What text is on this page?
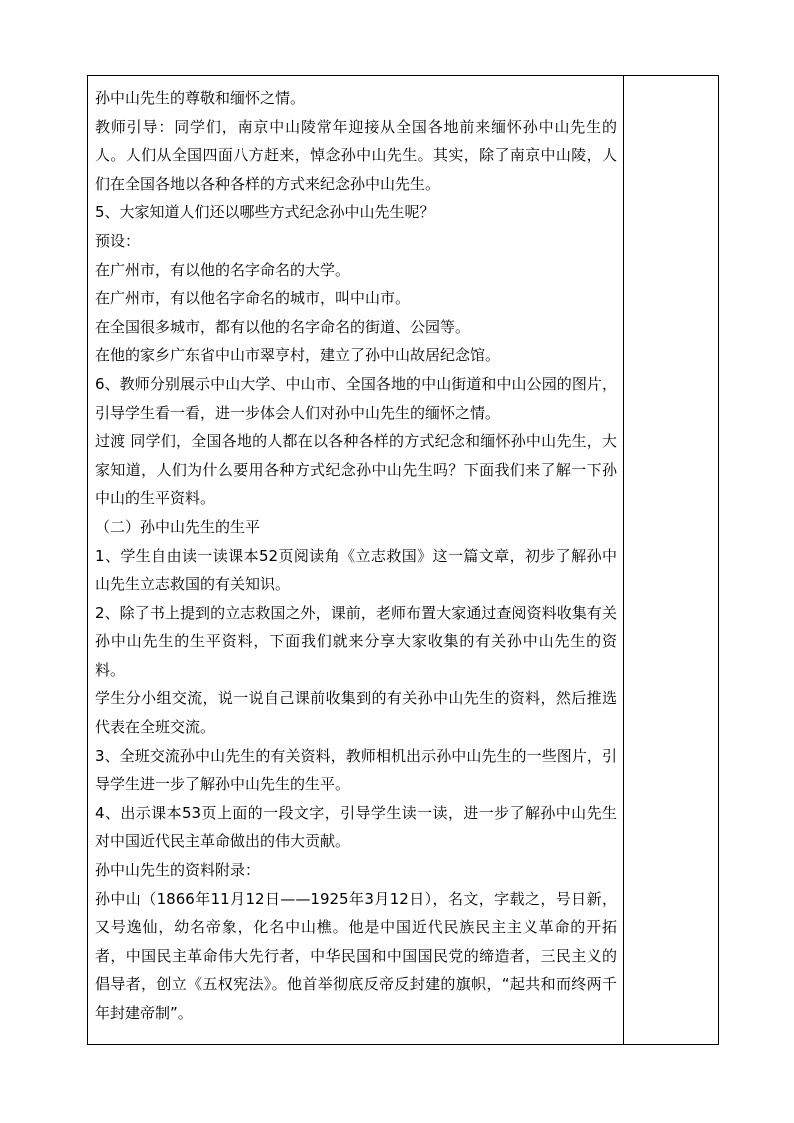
孙中山先生的尊敬和缅怀之情。

教师引导：同学们，南京中山陵常年迎接从全国各地前来缅怀孙中山先生的人。人们从全国四面八方赶来，悼念孙中山先生。其实，除了南京中山陵，人们在全国各地以各种各样的方式来纪念孙中山先生。

5、大家知道人们还以哪些方式纪念孙中山先生呢？

预设：

在广州市，有以他的名字命名的大学。

在广州市，有以他名字命名的城市，叫中山市。

在全国很多城市，都有以他的名字命名的街道、公园等。

在他的家乡广东省中山市翠亨村，建立了孙中山故居纪念馆。

6、教师分别展示中山大学、中山市、全国各地的中山街道和中山公园的图片，引导学生看一看，进一步体会人们对孙中山先生的缅怀之情。

过渡 同学们，全国各地的人都在以各种各样的方式纪念和缅怀孙中山先生，大家知道，人们为什么要用各种方式纪念孙中山先生吗？下面我们来了解一下孙中山的生平资料。

（二）孙中山先生的生平

1、学生自由读一读课本52页阅读角《立志救国》这一篇文章，初步了解孙中山先生立志救国的有关知识。

2、除了书上提到的立志救国之外，课前，老师布置大家通过查阅资料收集有关孙中山先生的生平资料，下面我们就来分享大家收集的有关孙中山先生的资料。

学生分小组交流，说一说自己课前收集到的有关孙中山先生的资料，然后推选代表在全班交流。

3、全班交流孙中山先生的有关资料，教师相机出示孙中山先生的一些图片，引导学生进一步了解孙中山先生的生平。

4、出示课本53页上面的一段文字，引导学生读一读，进一步了解孙中山先生对中国近代民主革命做出的伟大贡献。

孙中山先生的资料附录：

孙中山（1866年11月12日——1925年3月12日），名文，字载之，号日新，又号逸仙，幼名帝象，化名中山樵。他是中国近代民族民主主义革命的开拓者，中国民主革命伟大先行者，中华民国和中国国民党的缔造者，三民主义的倡导者，创立《五权宪法》。他首举彻底反帝反封建的旗帜，“起共和而终两千年封建帝制”。
